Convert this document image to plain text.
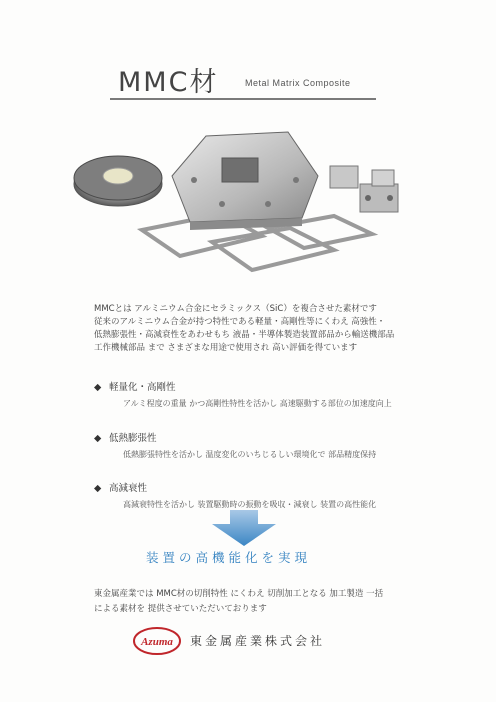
MMC材	Metal Matrix Composite
MMCとは アルミニウム合金にセラミックス（SiC）を複合させた素材です
従来のアルミニウム合金が持つ特性である軽量・高剛性等にくわえ 高強性・
低熱膨張性・高減衰性をあわせもち 液晶・半導体製造装置部品から輸送機部品
工作機械部品 まで さまざまな用途で使用され 高い評価を得ています
◆ 軽量化・高剛性
アルミ程度の重量 かつ高剛性特性を活かし 高速駆動する部位の加速度向上
◆ 低熱膨張性
低熱膨張特性を活かし 温度変化のいちじるしい環境化で 部品精度保持
◆ 高減衰性
高減衰特性を活かし 装置駆動時の振動を吸収・減衰し 装置の高性能化
装置の高機能化を実現
東金属産業では MMC材の切削特性 にくわえ 切削加工となる 加工製造 一括
による素材を 提供させていただいております
Azuma 東金属産業株式会社
